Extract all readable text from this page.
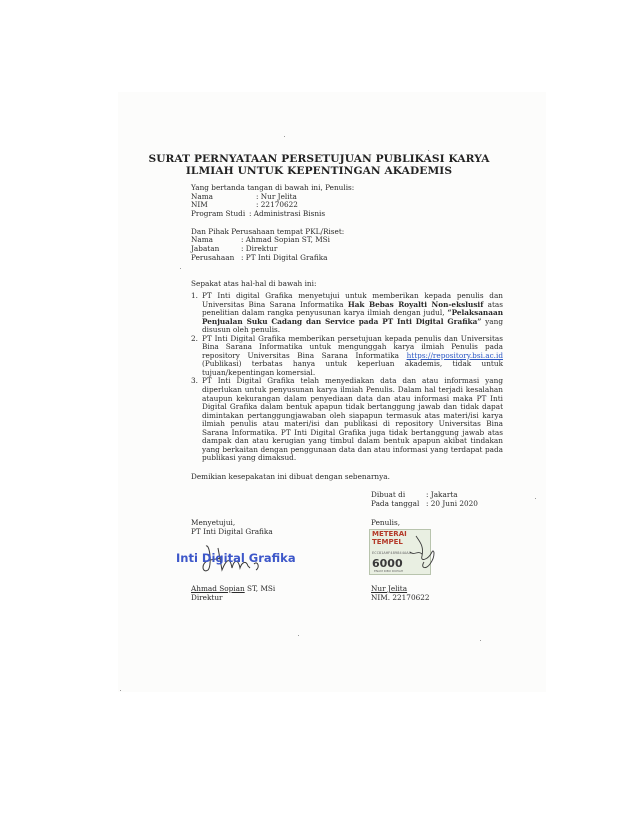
SURAT PERNYATAAN PERSETUJUAN PUBLIKASI KARYA
ILMIAH UNTUK KEPENTINGAN AKADEMIS
Yang bertanda tangan di bawah ini, Penulis:
Nama	: Nur Jelita
NIM	: 22170622
Program Studi : Administrasi Bisnis
Dan Pihak Perusahaan tempat PKL/Riset:
Nama	: Ahmad Sopian ST, MSi
Jabatan	: Direktur
Perusahaan : PT Inti Digital Grafika
Sepakat atas hal-hal di bawah ini:

1. PT Inti digital Grafika menyetujui untuk memberikan kepada penulis dan Universitas Bina Sarana Informatika Hak Bebas Royalti Non-ekslusif atas penelitian dalam rangka penyusunan karya ilmiah dengan judul, “Pelaksanaan Penjualan Suku Cadang dan Service pada PT Inti Digital Grafika” yang disusun oleh penulis.

2. PT Inti Digital Grafika memberikan persetujuan kepada penulis dan Universitas Bina Sarana Informatika untuk mengunggah karya ilmiah Penulis pada repository Universitas Bina Sarana Informatika https://repository.bsi.ac.id (Publikasi) terbatas hanya untuk keperluan akademis, tidak untuk tujuan/kepentingan komersial.

3. PT Inti Digital Grafika telah menyediakan data dan atau informasi yang diperlukan untuk penyusunan karya ilmiah Penulis. Dalam hal terjadi kesalahan ataupun kekurangan dalam penyediaan data dan atau informasi maka PT Inti Digital Grafika dalam bentuk apapun tidak bertanggung jawab dan tidak dapat dimintakan pertanggungjawaban oleh siapapun termasuk atas materi/isi karya ilmiah penulis atau materi/isi dan publikasi di repository Universitas Bina Sarana Informatika. PT Inti Digital Grafika juga tidak bertanggung jawab atas dampak dan atau kerugian yang timbul dalam bentuk apapun akibat tindakan yang berkaitan dengan penggunaan data dan atau informasi yang terdapat pada publikasi yang dimaksud.

Demikian kesepakatan ini dibuat dengan sebenarnya.
Dibuat di	: Jakarta
Pada tanggal : 20 Juni 2020
Menyetujui,
PT Inti Digital Grafika
Inti Digital Grafika
Ahmad Sopian ST, MSi
Direktur
Penulis,
METERAI TEMPEL
ECC81AHF489844AAA
6000
ENAM RIBU RUPIAH
Nur Jelita
NIM. 22170622
